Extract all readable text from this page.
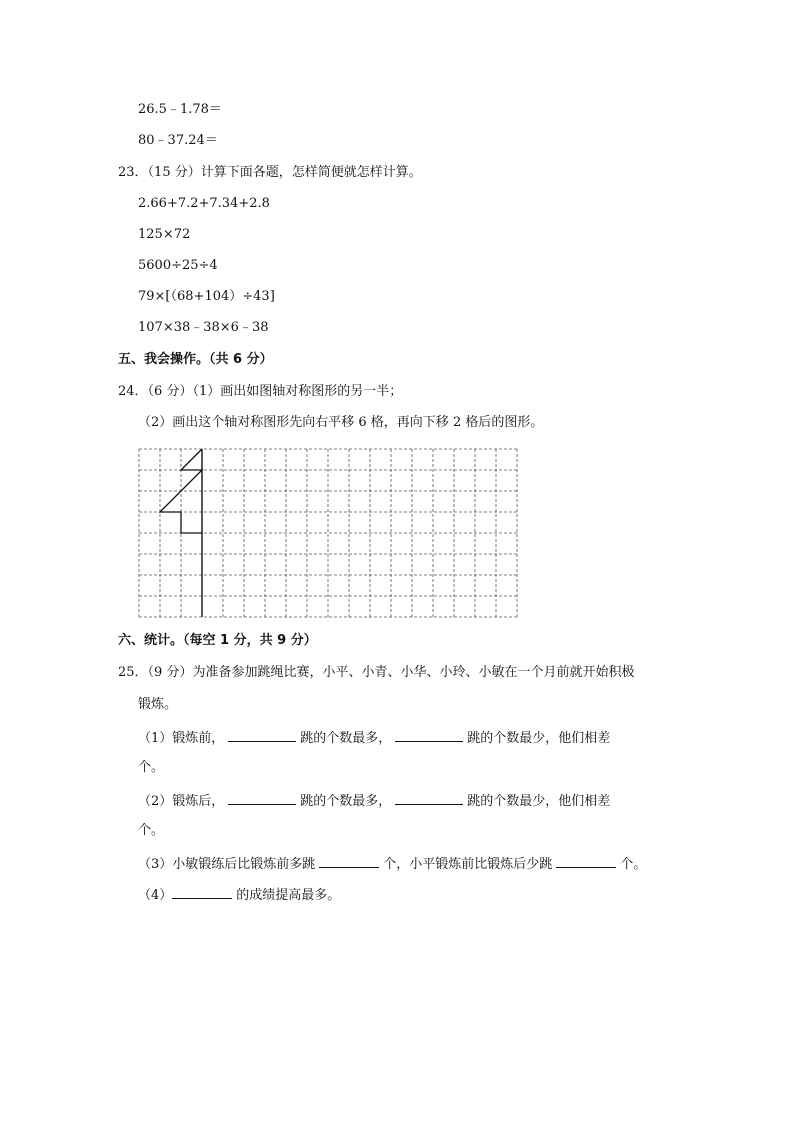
26.5﹣1.78＝
80﹣37.24＝
23．（15 分）计算下面各题，怎样简便就怎样计算。
2.66+7.2+7.34+2.8
125×72
5600÷25÷4
79×[（68+104）÷43]
107×38﹣38×6﹣38
五、我会操作。（共 6 分）
24．（6 分）（1）画出如图轴对称图形的另一半；
（2）画出这个轴对称图形先向右平移 6 格，再向下移 2 格后的图形。
六、统计。（每空 1 分，共 9 分）
25．（9 分）为准备参加跳绳比赛，小平、小青、小华、小玲、小敏在一个月前就开始积极
锻炼。
（1）锻炼前，	跳的个数最多，	跳的个数最少，他们相差
个。
（2）锻炼后，	跳的个数最多，	跳的个数最少，他们相差
个。
（3）小敏锻练后比锻炼前多跳	个，小平锻炼前比锻炼后少跳	个。
（4）	的成绩提高最多。
